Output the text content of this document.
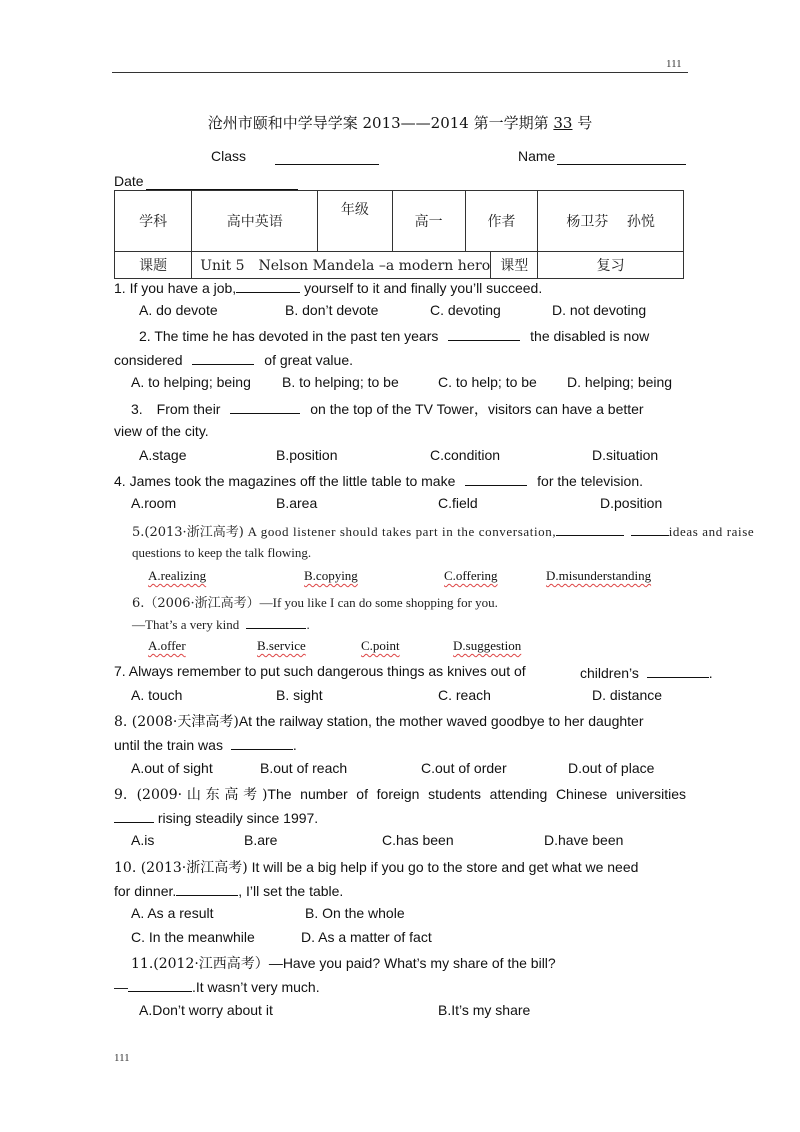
111
沧州市颐和中学导学案 2013——2014 第一学期第 33 号
Class	Name
Date
学科	高中英语	年级	高一	作者		杨卫芬　 孙悦
课题	Unit 5　Nelson Mandela –a modern hero				课型	复习
1. If you have a job,	yourself to it and finally you’ll succeed.
A. do devote	B. don’t devote	C. devoting	D. not devoting
2. The time he has devoted in the past ten years	the disabled is now
considered	of great value.
A. to helping; being B. to helping; to be	C. to help; to be D. helping; being
3.　From their	on the top of the TV Tower，visitors can have a better
view of the city.
A.stage	B.position	C.condition	D.situation
4. James took the magazines off the little table to make	for the television.
A.room	B.area	C.field	D.position
5.(2013·浙江高考) A good listener should takes part in the conversation,	ideas and raise
questions to keep the talk flowing.
A.realizing	B.copying	C.offering	D.misunderstanding
6.（2006·浙江高考）—If you like I can do some shopping for you.
—That’s a very kind	.
A.offer	B.service	C.point	D.suggestion
7. Always remember to put such dangerous things as knives out of	children’s	.
A. touch	B. sight	C. reach	D. distance
8. (2008·天津高考)At the railway station, the mother waved goodbye to her daughter
until the train was	.
A.out of sight	B.out of reach	C.out of order	D.out of place
9. (2009·山东高考)The number of foreign students attending Chinese universities
rising steadily since 1997.
A.is	B.are	C.has been	D.have been
10. (2013·浙江高考) It will be a big help if you go to the store and get what we need
for dinner.	, I’ll set the table.
A. As a result	B. On the whole
C. In the meanwhile	D. As a matter of fact
11.(2012·江西高考）—Have you paid? What’s my share of the bill?
—	.It wasn’t very much.
A.Don’t worry about it	B.It’s my share
111
